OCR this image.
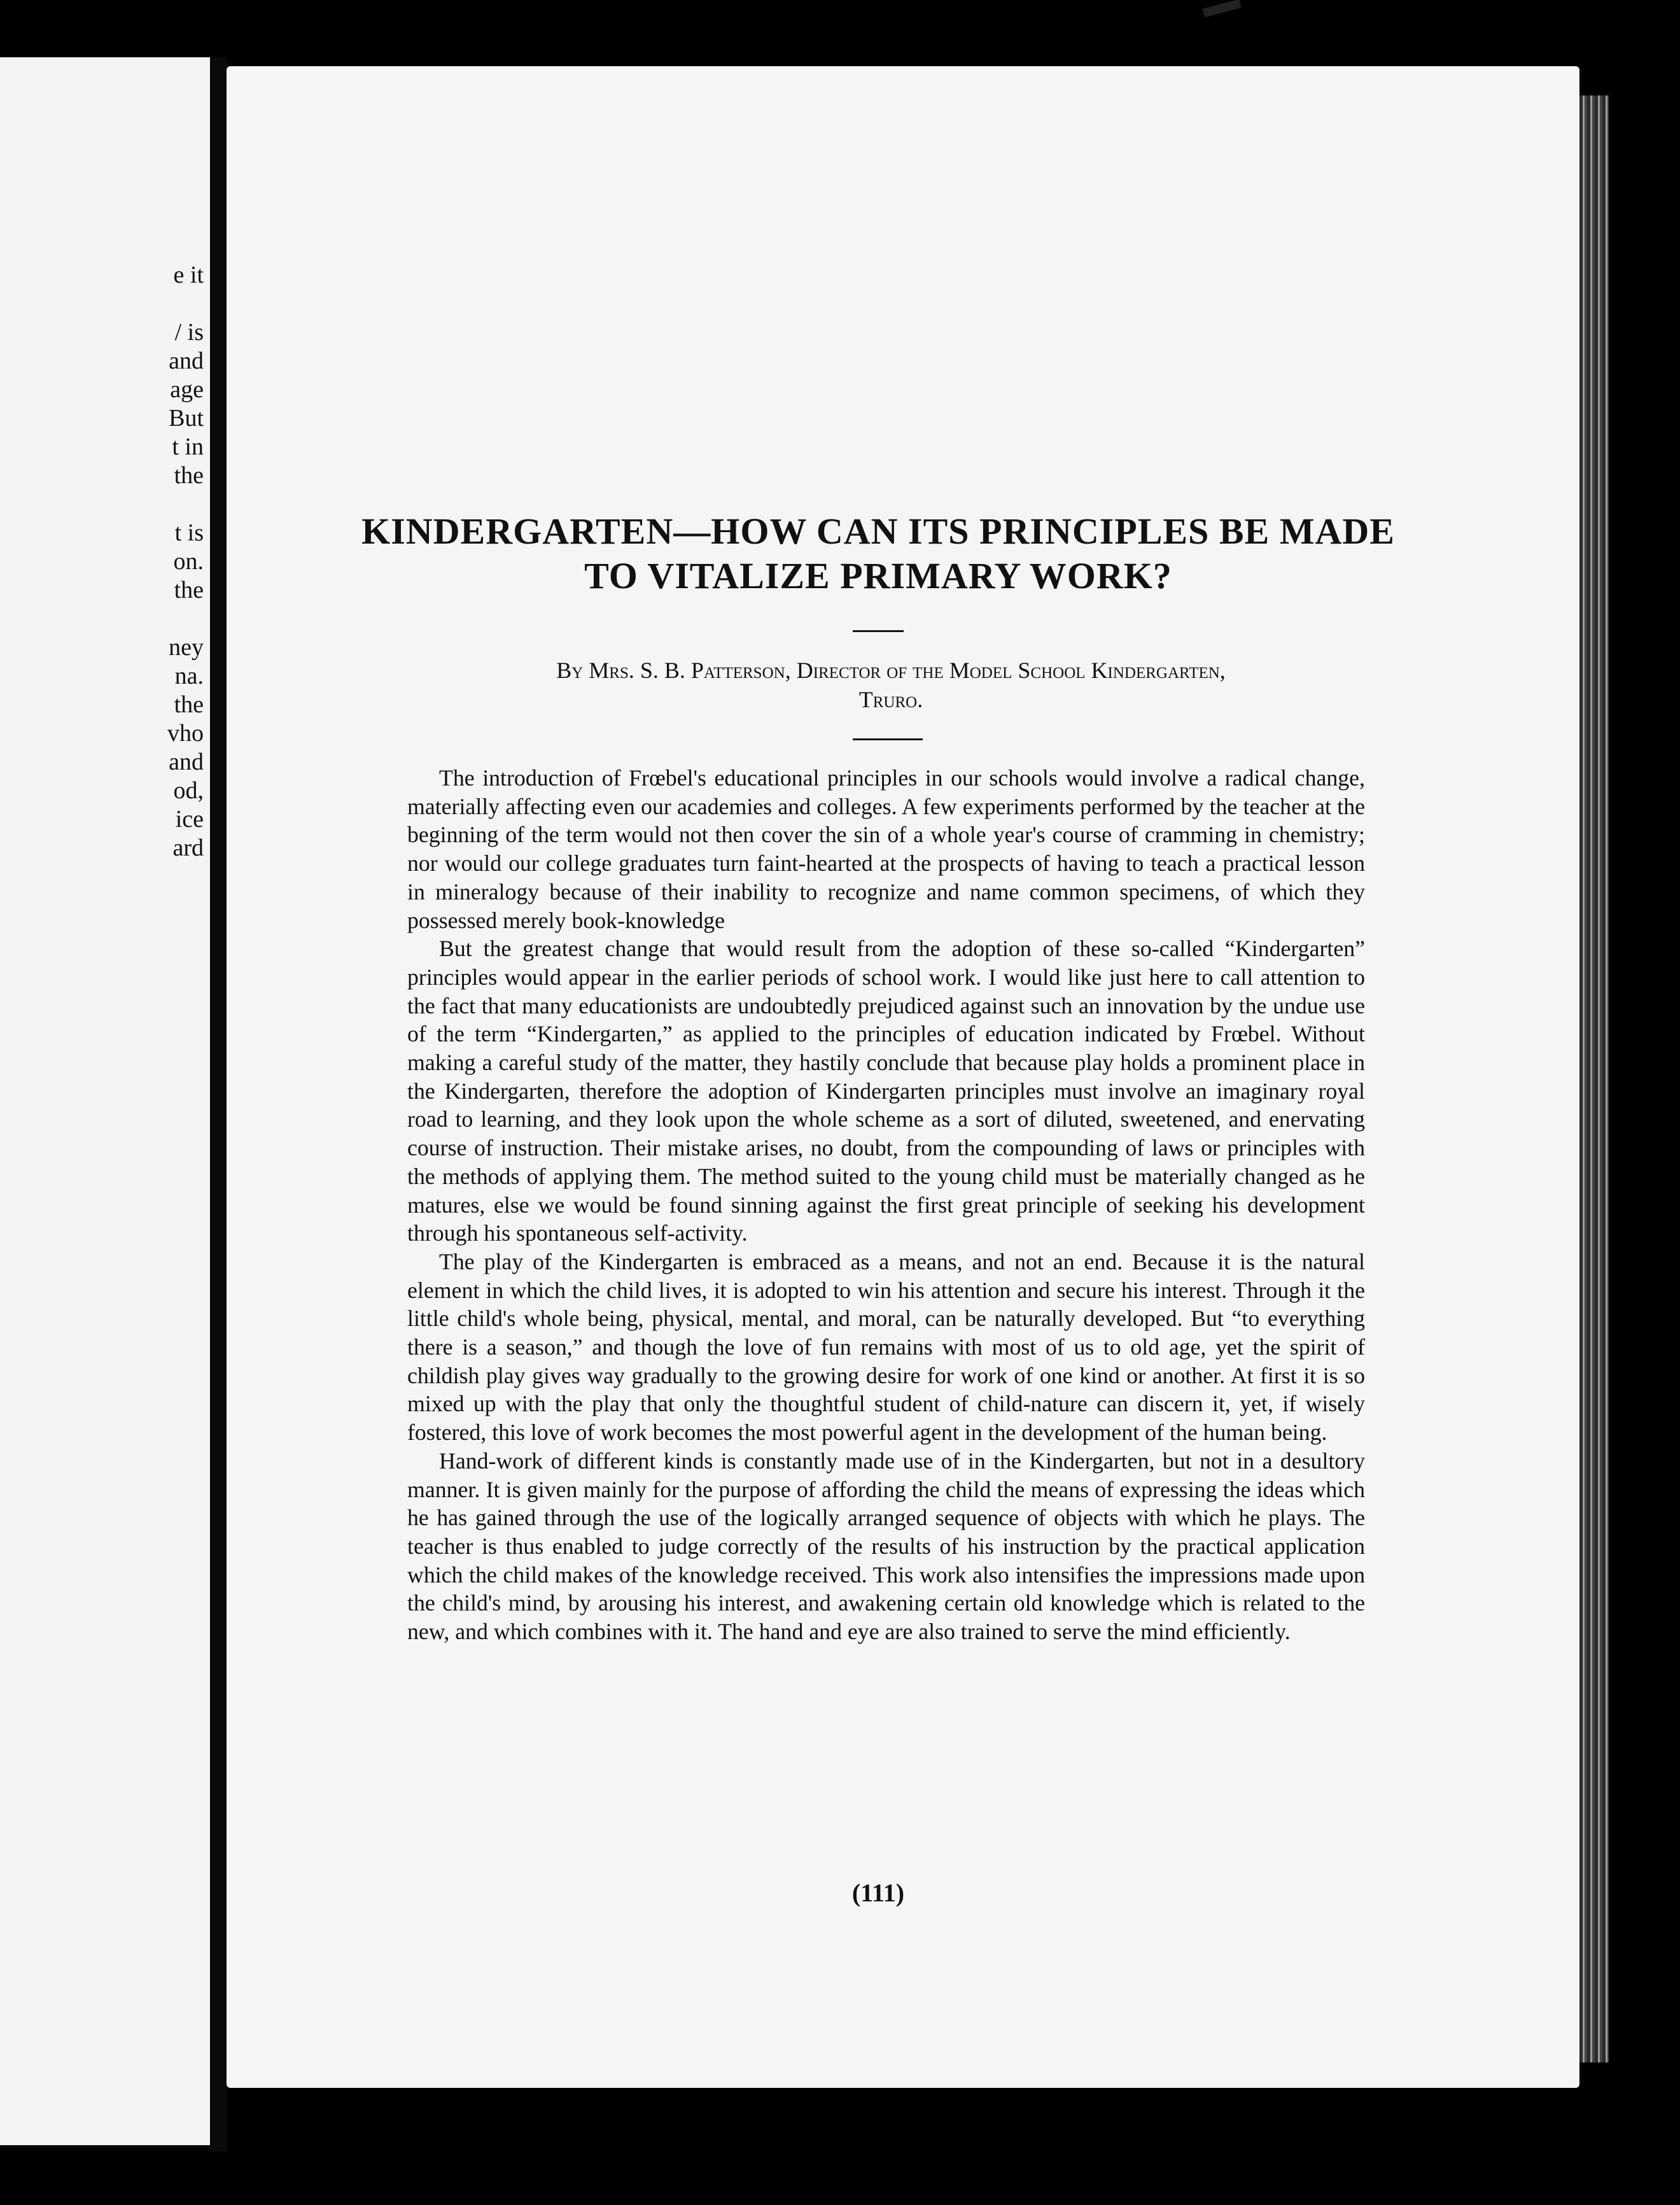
e it
/ is
and
age
But
t in
the
t is
on.
the
ney
na.
the
vho
and
od,
ice
ard
KINDERGARTEN—HOW CAN ITS PRINCIPLES BE MADE
TO VITALIZE PRIMARY WORK?

By Mrs. S. B. Patterson, Director of the Model School Kindergarten,
Truro.

The introduction of Frœbel's educational principles in our schools would involve a radical change, materially affecting even our academies and colleges. A few experiments performed by the teacher at the beginning of the term would not then cover the sin of a whole year's course of cramming in chemistry; nor would our college graduates turn faint-hearted at the prospects of having to teach a practical lesson in mineralogy because of their inability to recognize and name common specimens, of which they possessed merely book-knowledge

But the greatest change that would result from the adoption of these so-called “Kindergarten” principles would appear in the earlier periods of school work. I would like just here to call attention to the fact that many educationists are undoubtedly prejudiced against such an innovation by the undue use of the term “Kindergarten,” as applied to the principles of education indicated by Frœbel. Without making a careful study of the matter, they hastily conclude that because play holds a prominent place in the Kindergarten, therefore the adoption of Kindergarten principles must involve an imaginary royal road to learning, and they look upon the whole scheme as a sort of diluted, sweetened, and enervating course of instruction. Their mistake arises, no doubt, from the compounding of laws or principles with the methods of applying them. The method suited to the young child must be materially changed as he matures, else we would be found sinning against the first great principle of seeking his development through his spontaneous self-activity.

The play of the Kindergarten is embraced as a means, and not an end. Because it is the natural element in which the child lives, it is adopted to win his attention and secure his interest. Through it the little child's whole being, physical, mental, and moral, can be naturally developed. But “to everything there is a season,” and though the love of fun remains with most of us to old age, yet the spirit of childish play gives way gradually to the growing desire for work of one kind or another. At first it is so mixed up with the play that only the thoughtful student of child-nature can discern it, yet, if wisely fostered, this love of work becomes the most powerful agent in the development of the human being.

Hand-work of different kinds is constantly made use of in the Kindergarten, but not in a desultory manner. It is given mainly for the purpose of affording the child the means of expressing the ideas which he has gained through the use of the logically arranged sequence of objects with which he plays. The teacher is thus enabled to judge correctly of the results of his instruction by the practical application which the child makes of the knowledge received. This work also intensifies the impressions made upon the child's mind, by arousing his interest, and awakening certain old knowledge which is related to the new, and which combines with it. The hand and eye are also trained to serve the mind efficiently.

(111)
